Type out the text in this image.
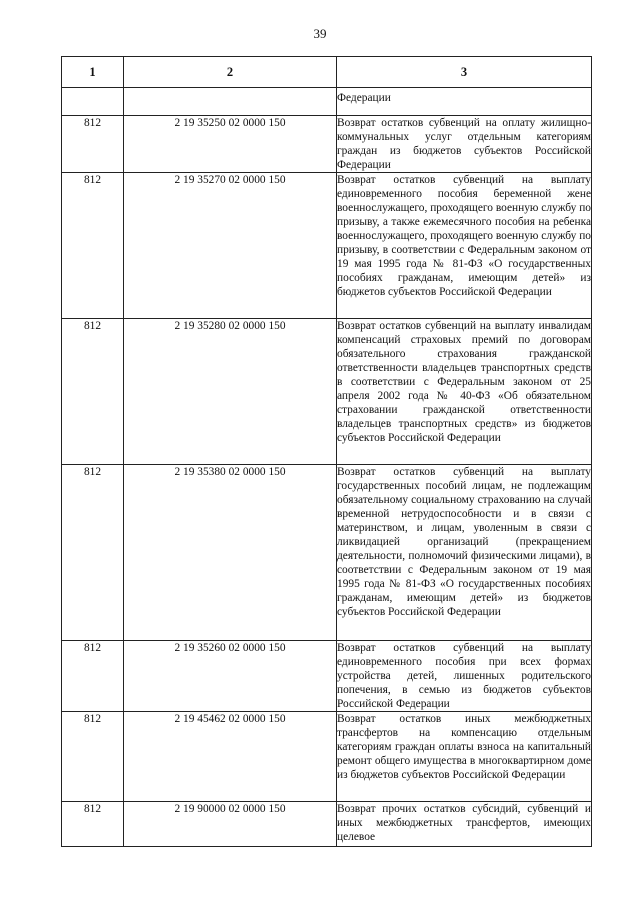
39
1	2	3
		Федерации
812	2 19 35250 02 0000 150	Возврат остатков субвенций на оплату жилищно-коммунальных услуг отдельным категориям граждан из бюджетов субъектов Российской Федерации
812	2 19 35270 02 0000 150	Возврат остатков субвенций на выплату единовременного пособия беременной жене военнослужащего, проходящего военную службу по призыву, а также ежемесячного пособия на ребенка военнослужащего, проходящего военную службу по призыву, в соответствии с Федеральным законом от 19 мая 1995 года № 81-ФЗ «О государственных пособиях гражданам, имеющим детей» из бюджетов субъектов Российской Федерации
812	2 19 35280 02 0000 150	Возврат остатков субвенций на выплату инвалидам компенсаций страховых премий по договорам обязательного страхования гражданской ответственности владельцев транспортных средств в соответствии с Федеральным законом от 25 апреля 2002 года № 40-ФЗ «Об обязательном страховании гражданской ответственности владельцев транспортных средств» из бюджетов субъектов Российской Федерации
812	2 19 35380 02 0000 150	Возврат остатков субвенций на выплату государственных пособий лицам, не подлежащим обязательному социальному страхованию на случай временной нетрудоспособности и в связи с материнством, и лицам, уволенным в связи с ликвидацией организаций (прекращением деятельности, полномочий физическими лицами), в соответствии с Федеральным законом от 19 мая 1995 года № 81-ФЗ «О государственных пособиях гражданам, имеющим детей» из бюджетов субъектов Российской Федерации
812	2 19 35260 02 0000 150	Возврат остатков субвенций на выплату единовременного пособия при всех формах устройства детей, лишенных родительского попечения, в семью из бюджетов субъектов Российской Федерации
812	2 19 45462 02 0000 150	Возврат остатков иных межбюджетных трансфертов на компенсацию отдельным категориям граждан оплаты взноса на капитальный ремонт общего имущества в многоквартирном доме из бюджетов субъектов Российской Федерации
812	2 19 90000 02 0000 150	Возврат прочих остатков субсидий, субвенций и иных межбюджетных трансфертов, имеющих целевое
